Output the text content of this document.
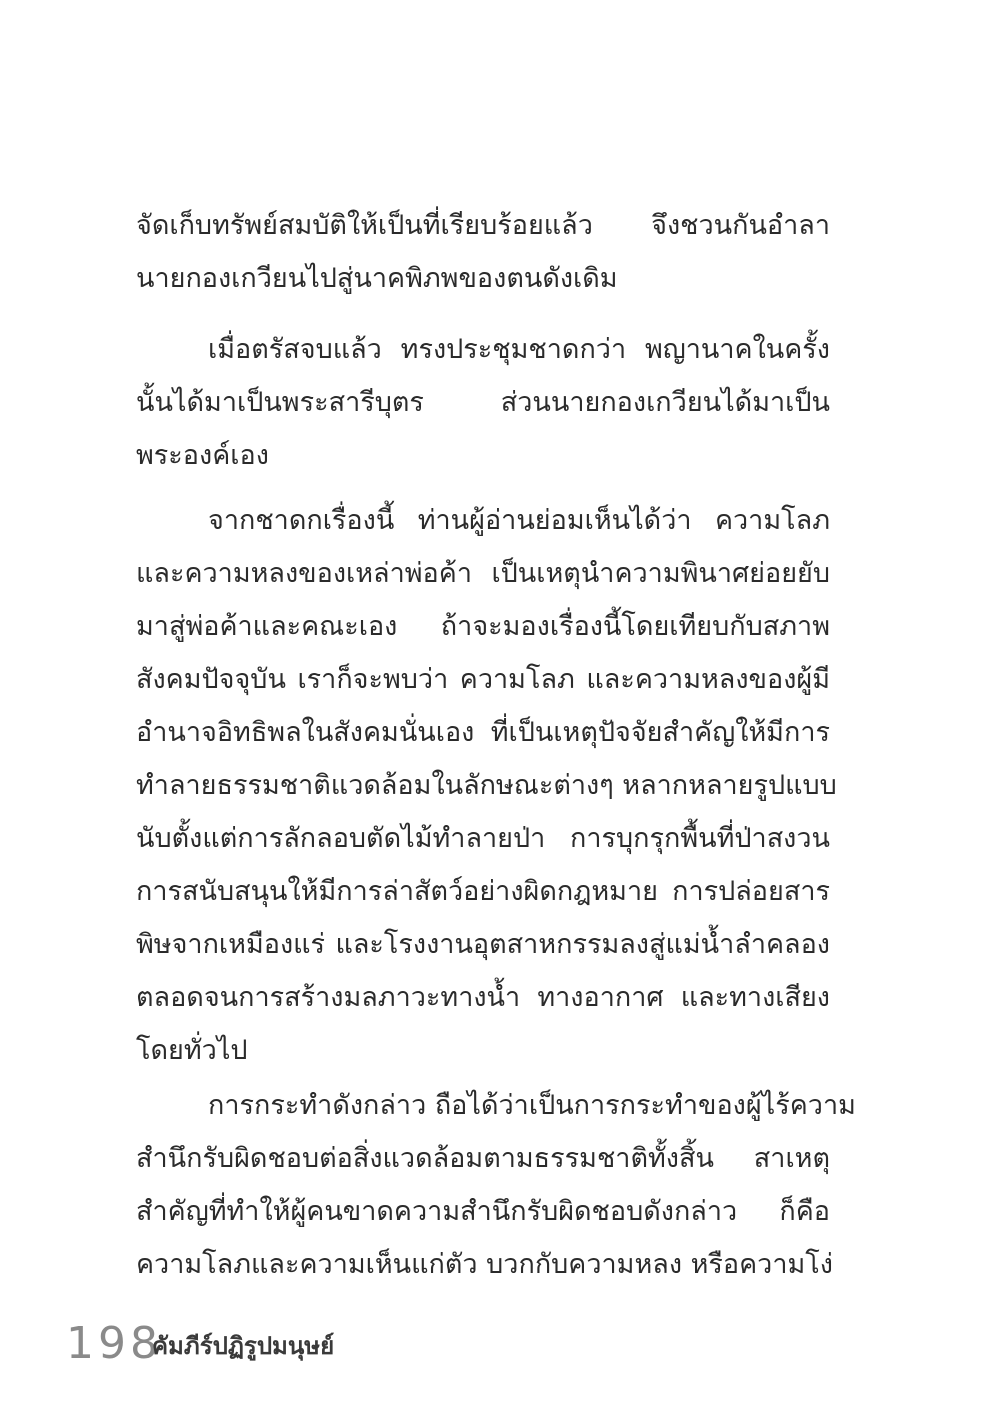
จัดเก็บทรัพย์สมบัติให้เป็นที่เรียบร้อยแล้ว จึงชวนกันอำลา
นายกองเกวียนไปสู่นาคพิภพของตนดังเดิม
เมื่อตรัสจบแล้ว ทรงประชุมชาดกว่า พญานาคในครั้ง
นั้นได้มาเป็นพระสารีบุตร ส่วนนายกองเกวียนได้มาเป็น
พระองค์เอง
จากชาดกเรื่องนี้ ท่านผู้อ่านย่อมเห็นได้ว่า ความโลภ
และความหลงของเหล่าพ่อค้า เป็นเหตุนำความพินาศย่อยยับ
มาสู่พ่อค้าและคณะเอง ถ้าจะมองเรื่องนี้โดยเทียบกับสภาพ
สังคมปัจจุบัน เราก็จะพบว่า ความโลภ และความหลงของผู้มี
อำนาจอิทธิพลในสังคมนั่นเอง ที่เป็นเหตุปัจจัยสำคัญให้มีการ
ทำลายธรรมชาติแวดล้อมในลักษณะต่างๆ หลากหลายรูปแบบ
นับตั้งแต่การลักลอบตัดไม้ทำลายป่า การบุกรุกพื้นที่ป่าสงวน
การสนับสนุนให้มีการล่าสัตว์อย่างผิดกฎหมาย การปล่อยสาร
พิษจากเหมืองแร่ และโรงงานอุตสาหกรรมลงสู่แม่น้ำลำคลอง
ตลอดจนการสร้างมลภาวะทางน้ำ ทางอากาศ และทางเสียง
โดยทั่วไป
การกระทำดังกล่าว ถือได้ว่าเป็นการกระทำของผู้ไร้ความ
สำนึกรับผิดชอบต่อสิ่งแวดล้อมตามธรรมชาติทั้งสิ้น สาเหตุ
สำคัญที่ทำให้ผู้คนขาดความสำนึกรับผิดชอบดังกล่าว ก็คือ
ความโลภและความเห็นแก่ตัว บวกกับความหลง หรือความโง่
198
คัมภีร์ปฏิรูปมนุษย์
